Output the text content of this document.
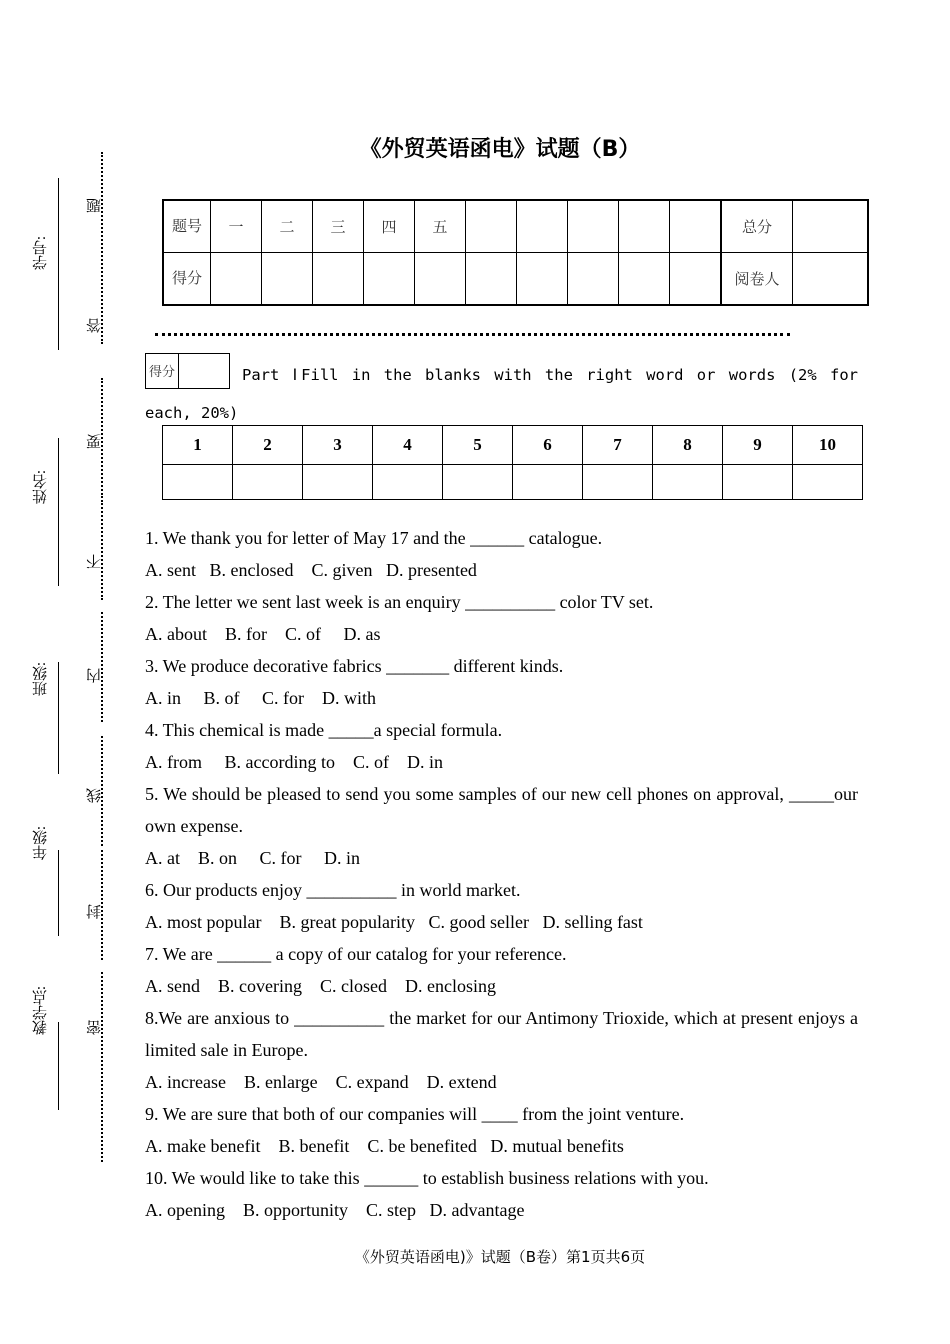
学号:
姓名:
班级:
年级:
教学点:
题
答
要
不
内
线
封
密
《外贸英语函电》试题（B）
题号	一	二	三	四	五						总分	
得分											阅卷人	
得分		Part ⅠFill in the blanks with the right word or words (2% for each, 20%)
1	2	3	4	5	6	7	8	9	10

1. We thank you for letter of May 17 and the ______ catalogue.

A. sent   B. enclosed    C. given   D. presented

2. The letter we sent last week is an enquiry __________ color TV set.

A. about    B. for    C. of     D. as

3. We produce decorative fabrics _______ different kinds.

A. in     B. of     C. for    D. with

4. This chemical is made _____a special formula.

A. from     B. according to    C. of    D. in

5. We should be pleased to send you some samples of our new cell phones on approval, _____our own expense.

A. at    B. on     C. for     D. in

6. Our products enjoy __________ in world market.

A. most popular    B. great popularity   C. good seller   D. selling fast

7. We are ______ a copy of our catalog for your reference.

A. send    B. covering    C. closed    D. enclosing

8.We are anxious to __________ the market for our Antimony Trioxide, which at present enjoys a limited sale in Europe.

A. increase    B. enlarge    C. expand    D. extend

9. We are sure that both of our companies will ____ from the joint venture.

A. make benefit    B. benefit    C. be benefited   D. mutual benefits

10. We would like to take this ______ to establish business relations with you.

A. opening    B. opportunity    C. step   D. advantage

《外贸英语函电)》试题（B卷）第1页共6页
